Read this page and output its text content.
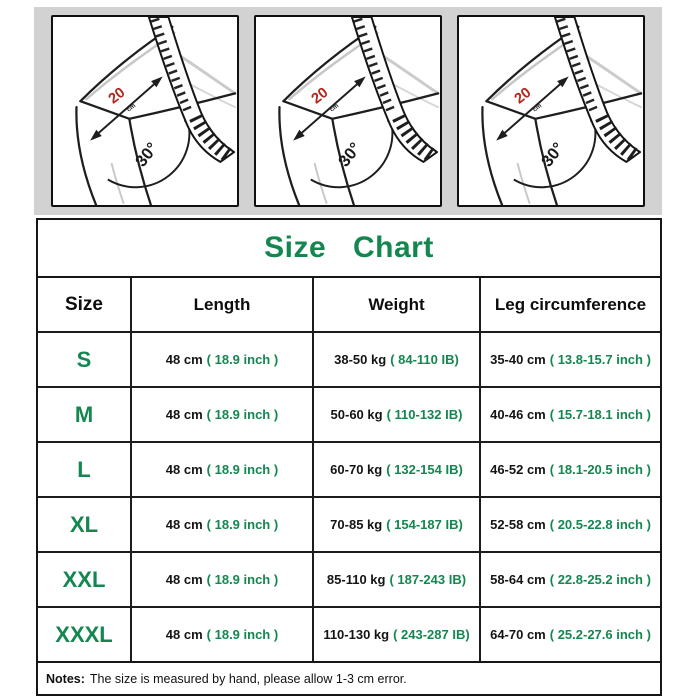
20
cm
30°
20
cm
30°
20
cm
30°
Size Chart
Size	Length	Weight	Leg circumference
S	48 cm ( 18.9 inch )	38-50 kg ( 84-110 IB) 35-40 cm ( 13.8-15.7 inch )
M	48 cm ( 18.9 inch )	50-60 kg ( 110-132 IB) 40-46 cm ( 15.7-18.1 inch )
L	48 cm ( 18.9 inch )	60-70 kg ( 132-154 IB) 46-52 cm ( 18.1-20.5 inch )
XL	48 cm ( 18.9 inch )	70-85 kg ( 154-187 IB) 52-58 cm ( 20.5-22.8 inch )
XXL	48 cm ( 18.9 inch )	85-110 kg ( 187-243 IB) 58-64 cm ( 22.8-25.2 inch )
XXXL	48 cm ( 18.9 inch )	110-130 kg ( 243-287 IB) 64-70 cm ( 25.2-27.6 inch )
Notes: The size is measured by hand, please allow 1-3 cm error.
